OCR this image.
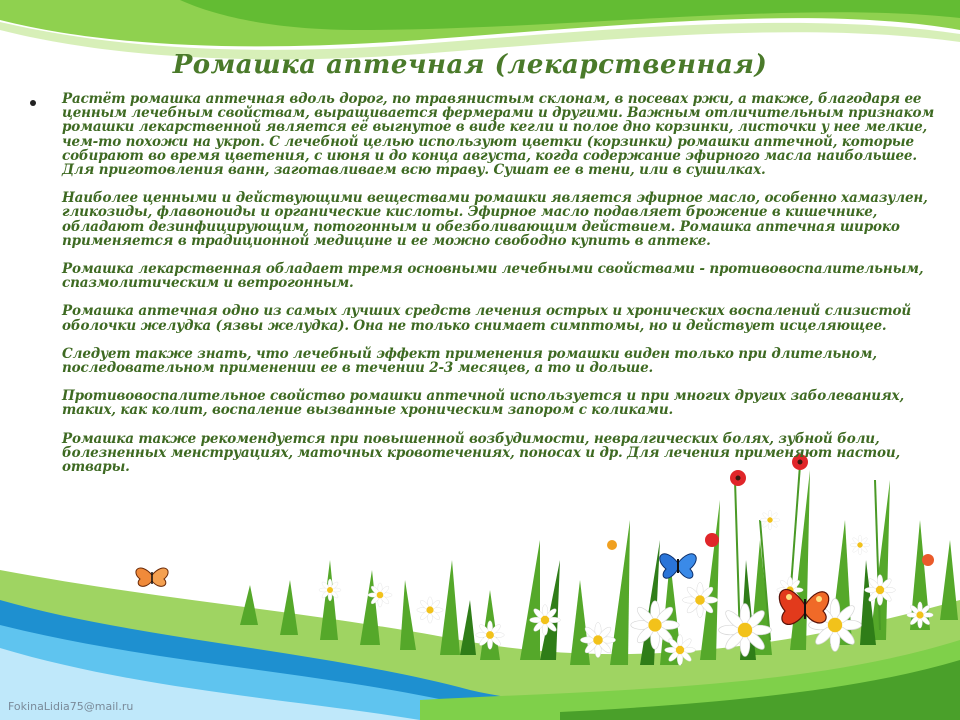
Ромашка аптечная (лекарственная)

Растёт ромашка аптечная вдоль дорог, по травянистым склонам, в посевах ржи, а также, благодаря ее ценным лечебным свойствам, выращивается фермерами и другими. Важным отличительным признаком ромашки лекарственной является её выгнутое в виде кегли и полое дно корзинки, листочки у нее мелкие, чем-то похожи на укроп. С лечебной целью используют цветки (корзинки) ромашки аптечной, которые собирают во время цветения, с июня и до конца августа, когда содержание эфирного масла наибольшее. Для приготовления ванн, заготавливаем всю траву. Сушат ее в тени, или в сушилках.

Наиболее ценными и действующими веществами ромашки является эфирное масло, особенно хамазулен, гликозиды, флавоноиды и органические кислоты. Эфирное масло подавляет брожение в кишечнике, обладают дезинфицирующим, потогонным и обезболивающим действием. Ромашка аптечная широко применяется в традиционной медицине и ее можно свободно купить в аптеке.

Ромашка лекарственная обладает тремя основными лечебными свойствами - противовоспалительным, спазмолитическим и ветрогонным.

Ромашка аптечная одно из самых лучших средств лечения острых и хронических воспалений слизистой оболочки желудка (язвы желудка). Она не только снимает симптомы, но и действует исцеляющее.

Следует также знать, что лечебный эффект применения ромашки виден только при длительном, последовательном применении ее в течении 2-3 месяцев, а то и дольше.

Противовоспалительное свойство ромашки аптечной используется и при многих других заболеваниях, таких, как колит, воспаление вызванные хроническим запором с коликами.

Ромашка также рекомендуется при повышенной возбудимости, невралгических болях, зубной боли, болезненных менструациях, маточных кровотечениях, поносах и др. Для лечения применяют настои, отвары.

FokinaLidia75@mail.ru
